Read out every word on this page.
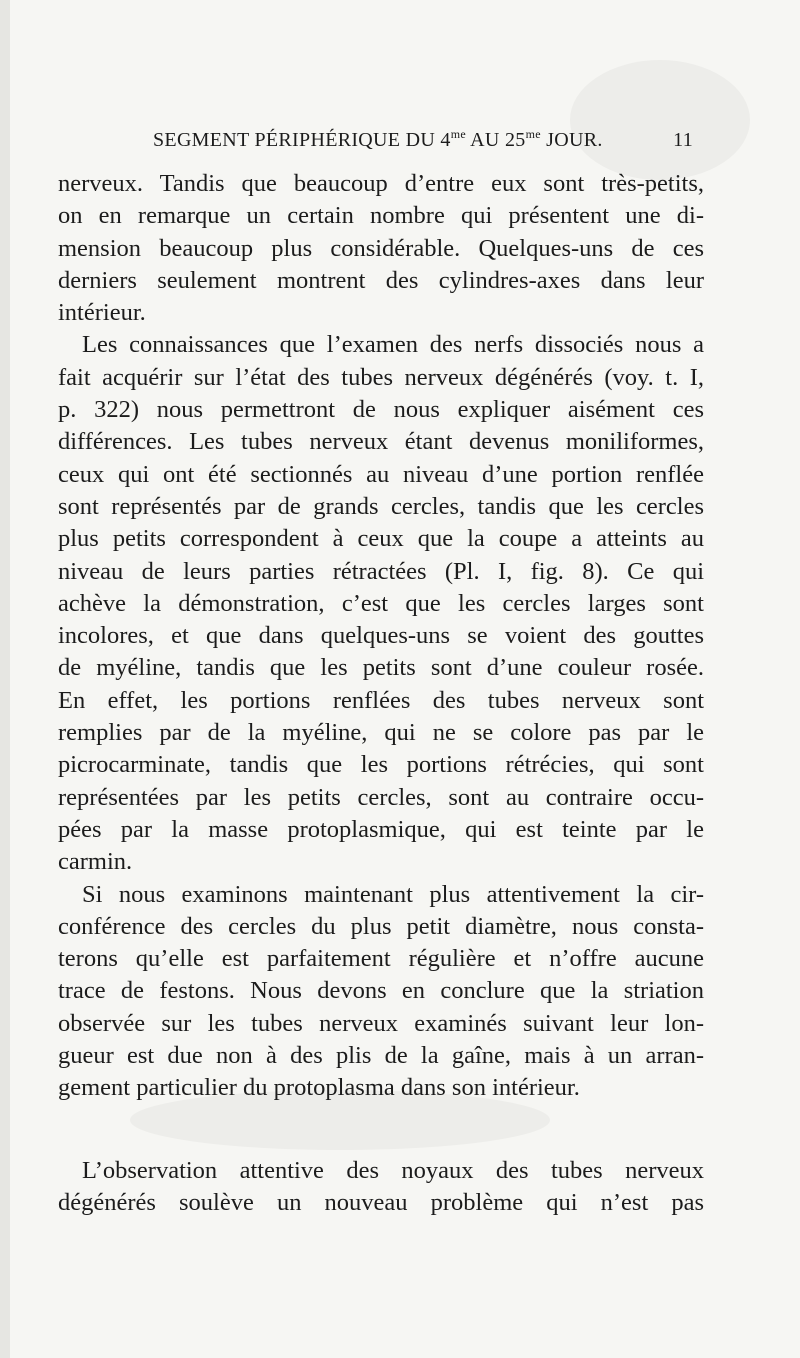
SEGMENT PÉRIPHÉRIQUE DU $4^{me}$ AU $25^{me}$ JOUR.	11
nerveux. Tandis que beaucoup d’entre eux sont très-petits,
on en remarque un certain nombre qui présentent une di-
mension beaucoup plus considérable. Quelques-uns de ces
derniers seulement montrent des cylindres-axes dans leur
intérieur.
Les connaissances que l’examen des nerfs dissociés nous a
fait acquérir sur l’état des tubes nerveux dégénérés (voy. t. I,
p. 322) nous permettront de nous expliquer aisément ces
différences. Les tubes nerveux étant devenus moniliformes,
ceux qui ont été sectionnés au niveau d’une portion renflée
sont représentés par de grands cercles, tandis que les cercles
plus petits correspondent à ceux que la coupe a atteints au
niveau de leurs parties rétractées (Pl. I, fig. 8). Ce qui
achève la démonstration, c’est que les cercles larges sont
incolores, et que dans quelques-uns se voient des gouttes
de myéline, tandis que les petits sont d’une couleur rosée.
En effet, les portions renflées des tubes nerveux sont
remplies par de la myéline, qui ne se colore pas par le
picrocarminate, tandis que les portions rétrécies, qui sont
représentées par les petits cercles, sont au contraire occu-
pées par la masse protoplasmique, qui est teinte par le
carmin.
Si nous examinons maintenant plus attentivement la cir-
conférence des cercles du plus petit diamètre, nous consta-
terons qu’elle est parfaitement régulière et n’offre aucune
trace de festons. Nous devons en conclure que la striation
observée sur les tubes nerveux examinés suivant leur lon-
gueur est due non à des plis de la gaîne, mais à un arran-
gement particulier du protoplasma dans son intérieur.
L’observation attentive des noyaux des tubes nerveux
dégénérés soulève un nouveau problème qui n’est pas
